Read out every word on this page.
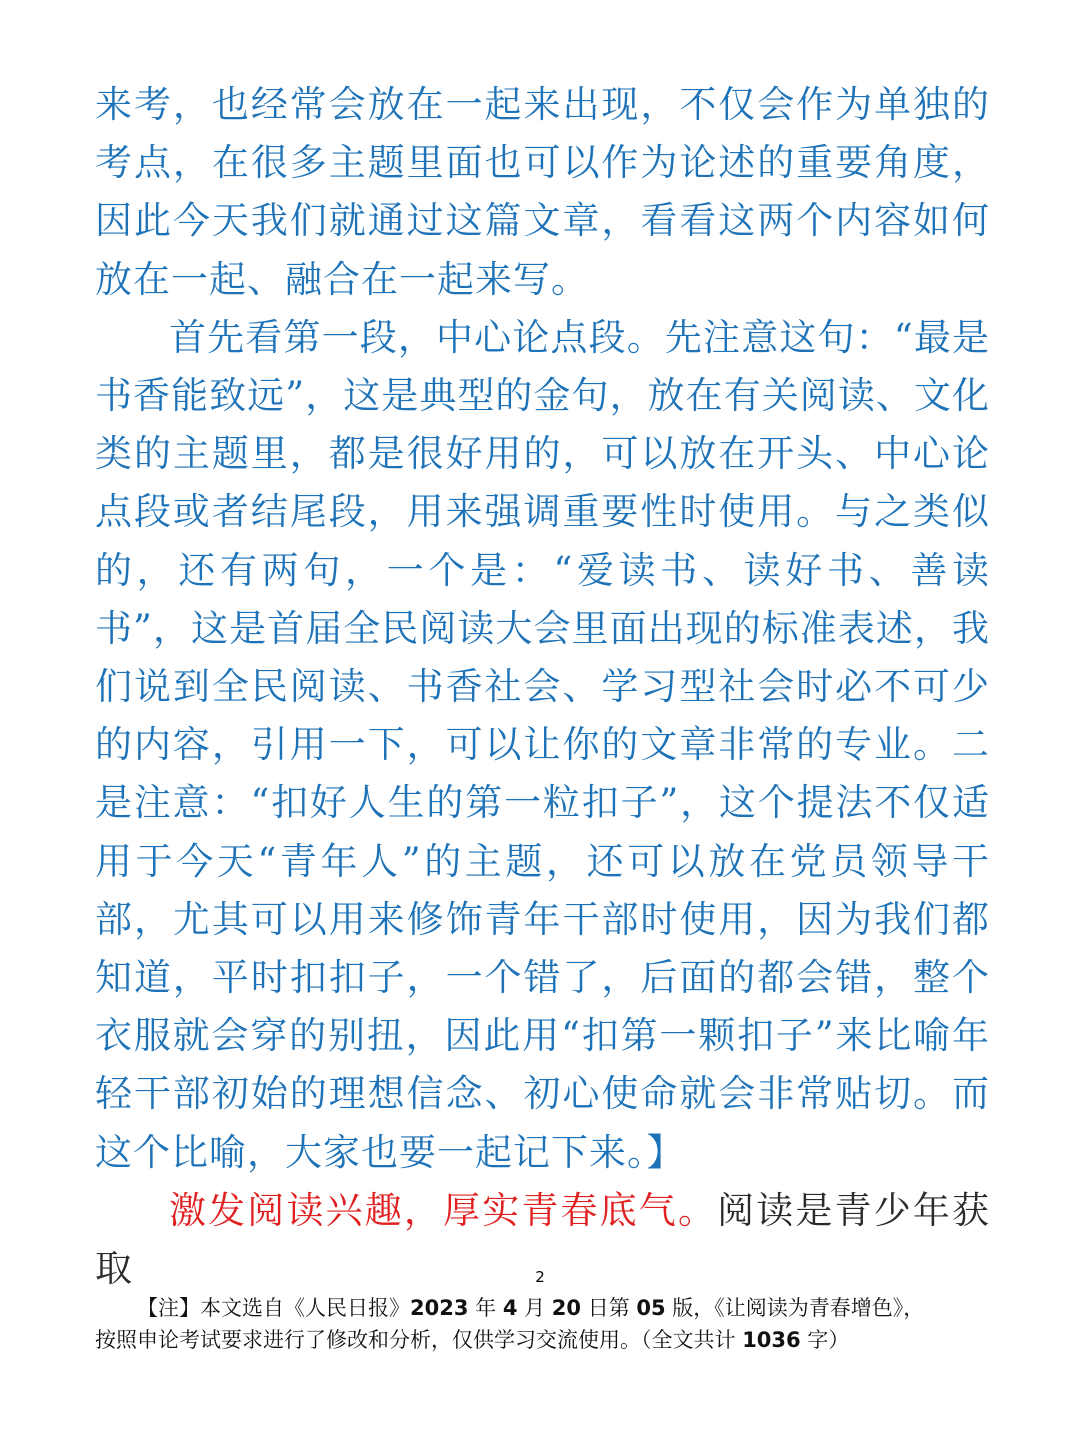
来考，也经常会放在一起来出现，不仅会作为单独的考点，在很多主题里面也可以作为论述的重要角度，因此今天我们就通过这篇文章，看看这两个内容如何放在一起、融合在一起来写。

首先看第一段，中心论点段。先注意这句：“最是书香能致远”，这是典型的金句，放在有关阅读、文化类的主题里，都是很好用的，可以放在开头、中心论点段或者结尾段，用来强调重要性时使用。与之类似的，还有两句，一个是：“爱读书、读好书、善读书”，这是首届全民阅读大会里面出现的标准表述，我们说到全民阅读、书香社会、学习型社会时必不可少的内容，引用一下，可以让你的文章非常的专业。二是注意：“扣好人生的第一粒扣子”，这个提法不仅适用于今天“青年人”的主题，还可以放在党员领导干部，尤其可以用来修饰青年干部时使用，因为我们都知道，平时扣扣子，一个错了，后面的都会错，整个衣服就会穿的别扭，因此用“扣第一颗扣子”来比喻年轻干部初始的理想信念、初心使命就会非常贴切。而这个比喻，大家也要一起记下来。】

激发阅读兴趣，厚实青春底气。阅读是青少年获取	2

【注】本文选自《人民日报》2023 年 4 月 20 日第 05 版，《让阅读为青春增色》，

按照申论考试要求进行了修改和分析，仅供学习交流使用。（全文共计 1036 字）
